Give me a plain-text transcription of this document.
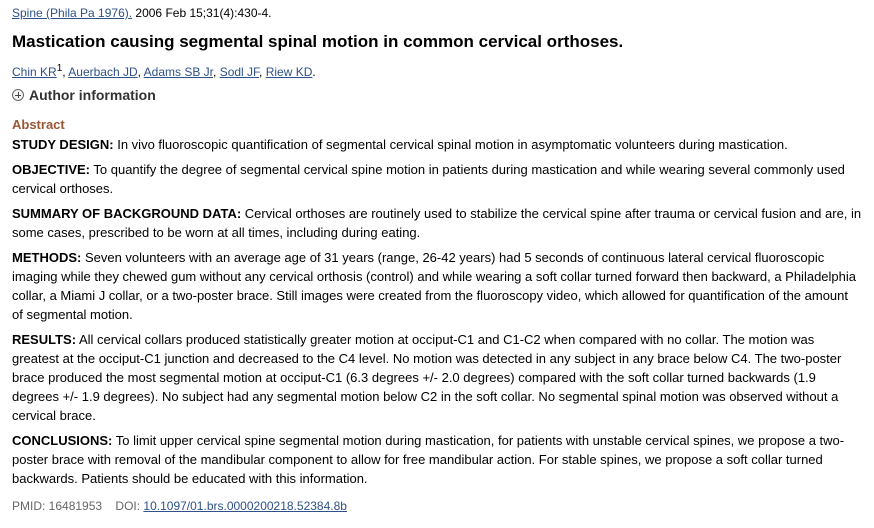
Spine (Phila Pa 1976). 2006 Feb 15;31(4):430-4.
Mastication causing segmental spinal motion in common cervical orthoses.
Chin $KR^1$, Auerbach JD, Adams SB Jr, Sodl JF, Riew KD.
Author information
Abstract

STUDY DESIGN: In vivo fluoroscopic quantification of segmental cervical spinal motion in asymptomatic volunteers during mastication.

OBJECTIVE: To quantify the degree of segmental cervical spine motion in patients during mastication and while wearing several commonly used cervical orthoses.

SUMMARY OF BACKGROUND DATA: Cervical orthoses are routinely used to stabilize the cervical spine after trauma or cervical fusion and are, in some cases, prescribed to be worn at all times, including during eating.

METHODS: Seven volunteers with an average age of 31 years (range, 26-42 years) had 5 seconds of continuous lateral cervical fluoroscopic imaging while they chewed gum without any cervical orthosis (control) and while wearing a soft collar turned forward then backward, a Philadelphia collar, a Miami J collar, or a two-poster brace. Still images were created from the fluoroscopy video, which allowed for quantification of the amount of segmental motion.

RESULTS: All cervical collars produced statistically greater motion at occiput-C1 and C1-C2 when compared with no collar. The motion was greatest at the occiput-C1 junction and decreased to the C4 level. No motion was detected in any subject in any brace below C4. The two-poster brace produced the most segmental motion at occiput-C1 (6.3 degrees +/- 2.0 degrees) compared with the soft collar turned backwards (1.9 degrees +/- 1.9 degrees). No subject had any segmental motion below C2 in the soft collar. No segmental spinal motion was observed without a cervical brace.

CONCLUSIONS: To limit upper cervical spine segmental motion during mastication, for patients with unstable cervical spines, we propose a two-poster brace with removal of the mandibular component to allow for free mandibular action. For stable spines, we propose a soft collar turned backwards. Patients should be educated with this information.

PMID: 16481953 DOI: 10.1097/01.brs.0000200218.52384.8b
